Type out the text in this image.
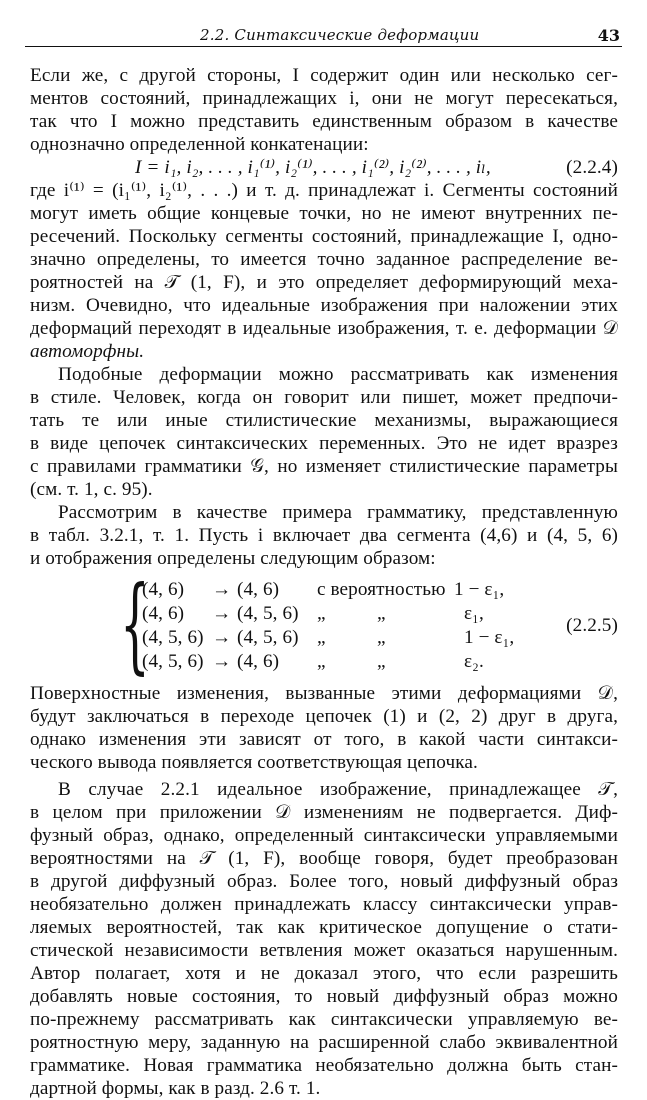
2.2. Синтаксические деформации	43
Если же, с другой стороны, I содержит один или несколько сег-
ментов состояний, принадлежащих i, они не могут пересекаться,
так что I можно представить единственным образом в качестве
однозначно определенной конкатенации:
I = i₁, i₂, . . . , i₁⁽¹⁾, i₂⁽¹⁾, . . . , i₁⁽²⁾, i₂⁽²⁾, . . . , iₗ,	(2.2.4)
где i⁽¹⁾ = (i₁⁽¹⁾, i₂⁽¹⁾, . . .) и т. д. принадлежат i. Сегменты состояний
могут иметь общие концевые точки, но не имеют внутренних пе-
ресечений. Поскольку сегменты состояний, принадлежащие I, одно-
значно определены, то имеется точно заданное распределение ве-
роятностей на 𝒯 (1, F), и это определяет деформирующий меха-
низм. Очевидно, что идеальные изображения при наложении этих
деформаций переходят в идеальные изображения, т. е. деформации 𝒟
автоморфны.
Подобные деформации можно рассматривать как изменения
в стиле. Человек, когда он говорит или пишет, может предпочи-
тать те или иные стилистические механизмы, выражающиеся
в виде цепочек синтаксических переменных. Это не идет вразрез
с правилами грамматики 𝒢, но изменяет стилистические параметры
(см. т. 1, с. 95).
Рассмотрим в качестве примера грамматику, представленную
в табл. 3.2.1, т. 1. Пусть i включает два сегмента (4,6) и (4, 5, 6)
и отображения определены следующим образом:
{
(4, 6) → (4, 6) с вероятностью 1 − ε₁,
(4, 6) → (4, 5, 6) „	„	ε₁,
(4, 5, 6) → (4, 5, 6) „	„	1 − ε₁,
(4, 5, 6) → (4, 6) „	„	ε₂.
(2.2.5)
Поверхностные изменения, вызванные этими деформациями 𝒟,
будут заключаться в переходе цепочек (1) и (2, 2) друг в друга,
однако изменения эти зависят от того, в какой части синтакси-
ческого вывода появляется соответствующая цепочка.
В случае 2.2.1 идеальное изображение, принадлежащее 𝒯,
в целом при приложении 𝒟 изменениям не подвергается. Диф-
фузный образ, однако, определенный синтаксически управляемыми
вероятностями на 𝒯 (1, F), вообще говоря, будет преобразован
в другой диффузный образ. Более того, новый диффузный образ
необязательно должен принадлежать классу синтаксически управ-
ляемых вероятностей, так как критическое допущение о стати-
стической независимости ветвления может оказаться нарушенным.
Автор полагает, хотя и не доказал этого, что если разрешить
добавлять новые состояния, то новый диффузный образ можно
по-прежнему рассматривать как синтаксически управляемую ве-
роятностную меру, заданную на расширенной слабо эквивалентной
грамматике. Новая грамматика необязательно должна быть стан-
дартной формы, как в разд. 2.6 т. 1.
